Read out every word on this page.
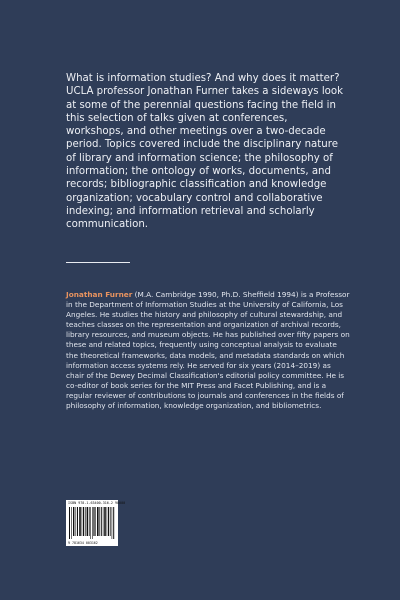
What is information studies? And why does it matter? UCLA professor Jonathan Furner takes a sideways look at some of the perennial questions facing the field in this selection of talks given at conferences, workshops, and other meetings over a two-decade period. Topics covered include the disciplinary nature of library and information science; the philosophy of information; the ontology of works, documents, and records; bibliographic classification and knowledge organization; vocabulary control and collaborative indexing; and information retrieval and scholarly communication.

Jonathan Furner (M.A. Cambridge 1990, Ph.D. Sheffield 1994) is a Professor in the Department of Information Studies at the University of California, Los Angeles. He studies the history and philosophy of cultural stewardship, and teaches classes on the representation and organization of archival records, library resources, and museum objects. He has published over fifty papers on these and related topics, frequently using conceptual analysis to evaluate the theoretical frameworks, data models, and metadata standards on which information access systems rely. He served for six years (2014–2019) as chair of the Dewey Decimal Classification's editorial policy committee. He is co-editor of book series for the MIT Press and Facet Publishing, and is a regular reviewer of contributions to journals and conferences in the fields of philosophy of information, knowledge organization, and bibliometrics.

ISBN 978-1-63400-316-2 90000
9 781634 003162
